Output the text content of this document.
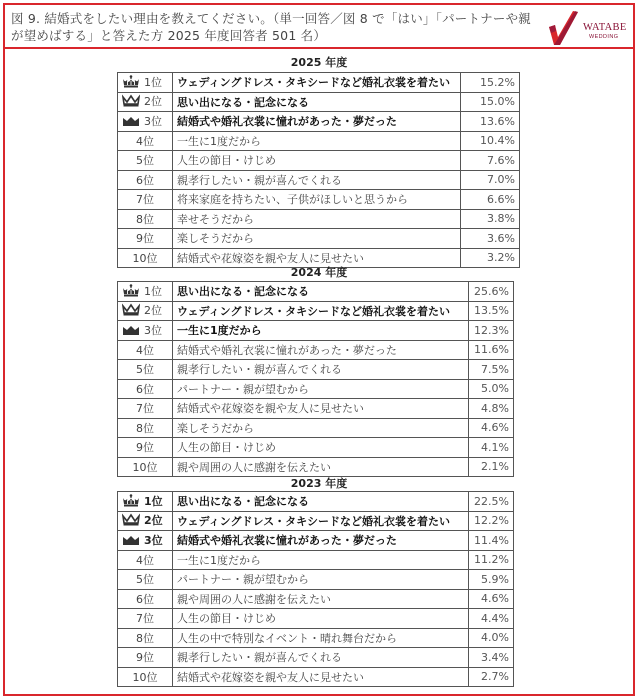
図 9. 結婚式をしたい理由を教えてください。（単一回答／図 8 で「はい」「パートナーや親が望めばする」と答えた方 2025 年度回答者 501 名）
WATABE
WEDDING
2025 年度
1位	ウェディングドレス・タキシードなど婚礼衣裳を着たい	15.2%
2位	思い出になる・記念になる	15.0%
3位	結婚式や婚礼衣裳に憧れがあった・夢だった	13.6%
4位	一生に1度だから	10.4%
5位	人生の節目・けじめ	7.6%
6位	親孝行したい・親が喜んでくれる	7.0%
7位	将来家庭を持ちたい、子供がほしいと思うから	6.6%
8位	幸せそうだから	3.8%
9位	楽しそうだから	3.6%
10位	結婚式や花嫁姿を親や友人に見せたい	3.2%
2024 年度
1位	思い出になる・記念になる	25.6%
2位	ウェディングドレス・タキシードなど婚礼衣裳を着たい	13.5%
3位	一生に1度だから	12.3%
4位	結婚式や婚礼衣裳に憧れがあった・夢だった	11.6%
5位	親孝行したい・親が喜んでくれる	7.5%
6位	パートナー・親が望むから	5.0%
7位	結婚式や花嫁姿を親や友人に見せたい	4.8%
8位	楽しそうだから	4.6%
9位	人生の節目・けじめ	4.1%
10位	親や周囲の人に感謝を伝えたい	2.1%
2023 年度
1位	思い出になる・記念になる	22.5%
2位	ウェディングドレス・タキシードなど婚礼衣裳を着たい	12.2%
3位	結婚式や婚礼衣裳に憧れがあった・夢だった	11.4%
4位	一生に1度だから	11.2%
5位	パートナー・親が望むから	5.9%
6位	親や周囲の人に感謝を伝えたい	4.6%
7位	人生の節目・けじめ	4.4%
8位	人生の中で特別なイベント・晴れ舞台だから	4.0%
9位	親孝行したい・親が喜んでくれる	3.4%
10位	結婚式や花嫁姿を親や友人に見せたい	2.7%
